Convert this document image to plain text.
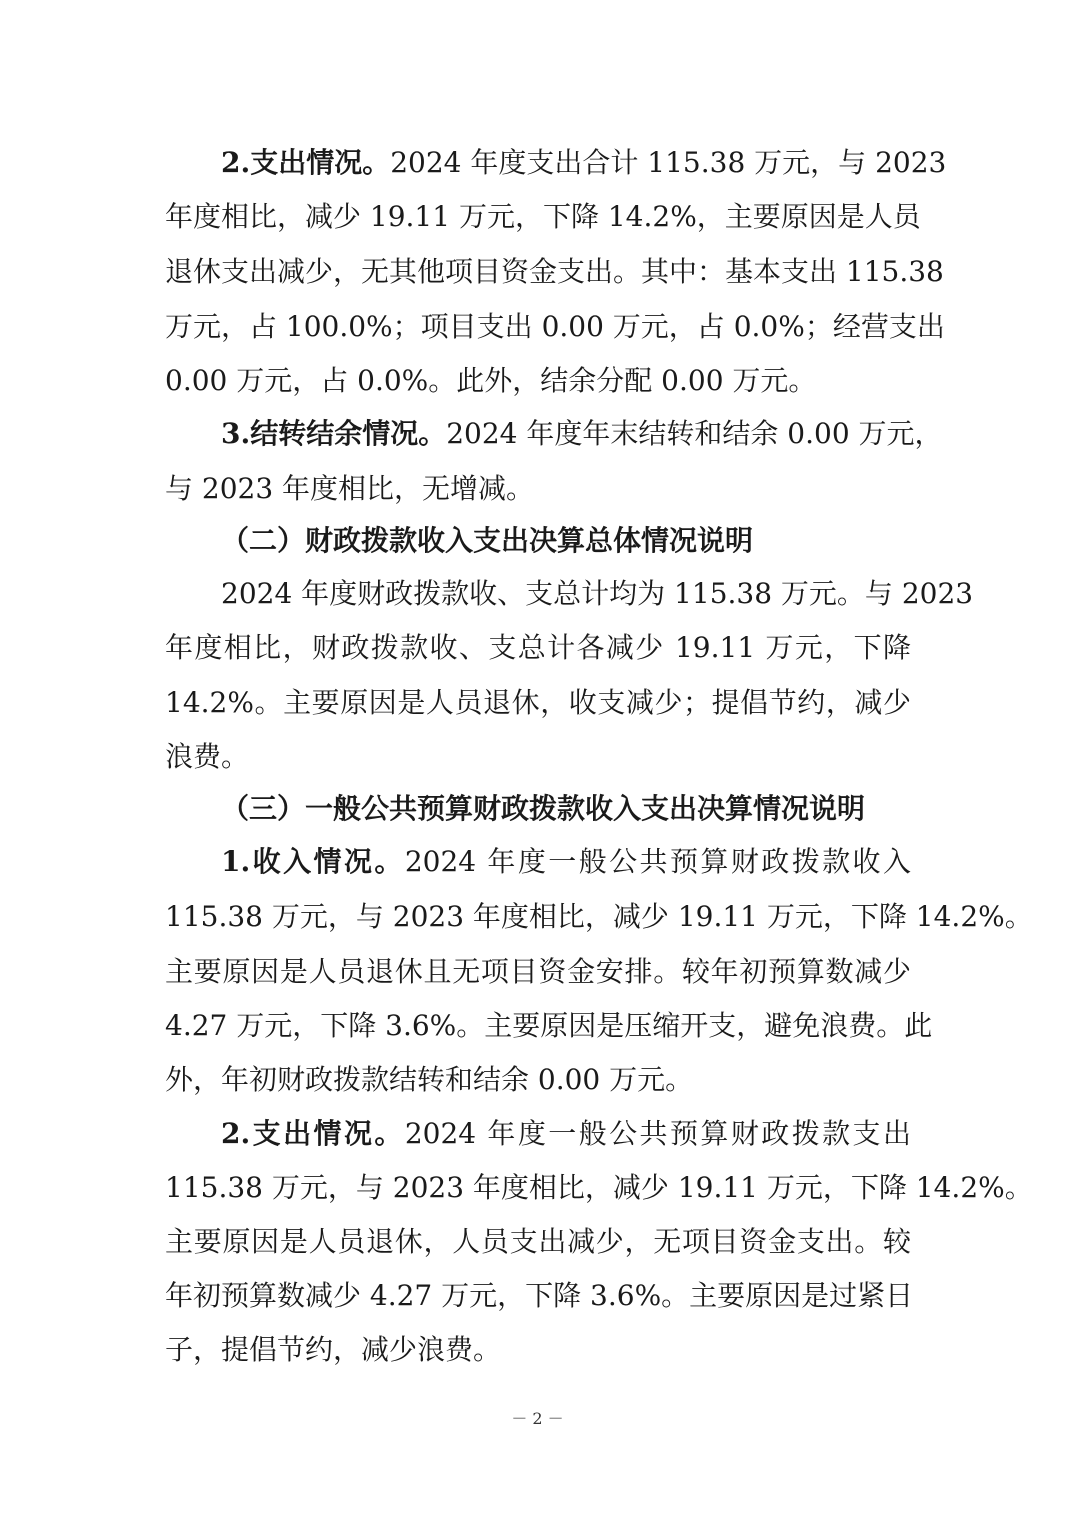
2.支出情况。2024 年度支出合计 115.38 万元，与 2023
年度相比，减少 19.11 万元，下降 14.2%，主要原因是人员
退休支出减少，无其他项目资金支出。其中：基本支出 115.38
万元，占 100.0%；项目支出 0.00 万元，占 0.0%；经营支出
0.00 万元，占 0.0%。此外，结余分配 0.00 万元。
3.结转结余情况。2024 年度年末结转和结余 0.00 万元，
与 2023 年度相比，无增减。
（二）财政拨款收入支出决算总体情况说明
2024 年度财政拨款收、支总计均为 115.38 万元。与 2023
年度相比，财政拨款收、支总计各减少 19.11 万元，下降
14.2%。主要原因是人员退休，收支减少；提倡节约，减少
浪费。
（三）一般公共预算财政拨款收入支出决算情况说明
1.收入情况。2024 年度一般公共预算财政拨款收入
115.38 万元，与 2023 年度相比，减少 19.11 万元，下降 14.2%。
主要原因是人员退休且无项目资金安排。较年初预算数减少
4.27 万元，下降 3.6%。主要原因是压缩开支，避免浪费。此
外，年初财政拨款结转和结余 0.00 万元。
2.支出情况。2024 年度一般公共预算财政拨款支出
115.38 万元，与 2023 年度相比，减少 19.11 万元，下降 14.2%。
主要原因是人员退休，人员支出减少，无项目资金支出。较
年初预算数减少 4.27 万元，下降 3.6%。主要原因是过紧日
子，提倡节约，减少浪费。
－ 2 －
